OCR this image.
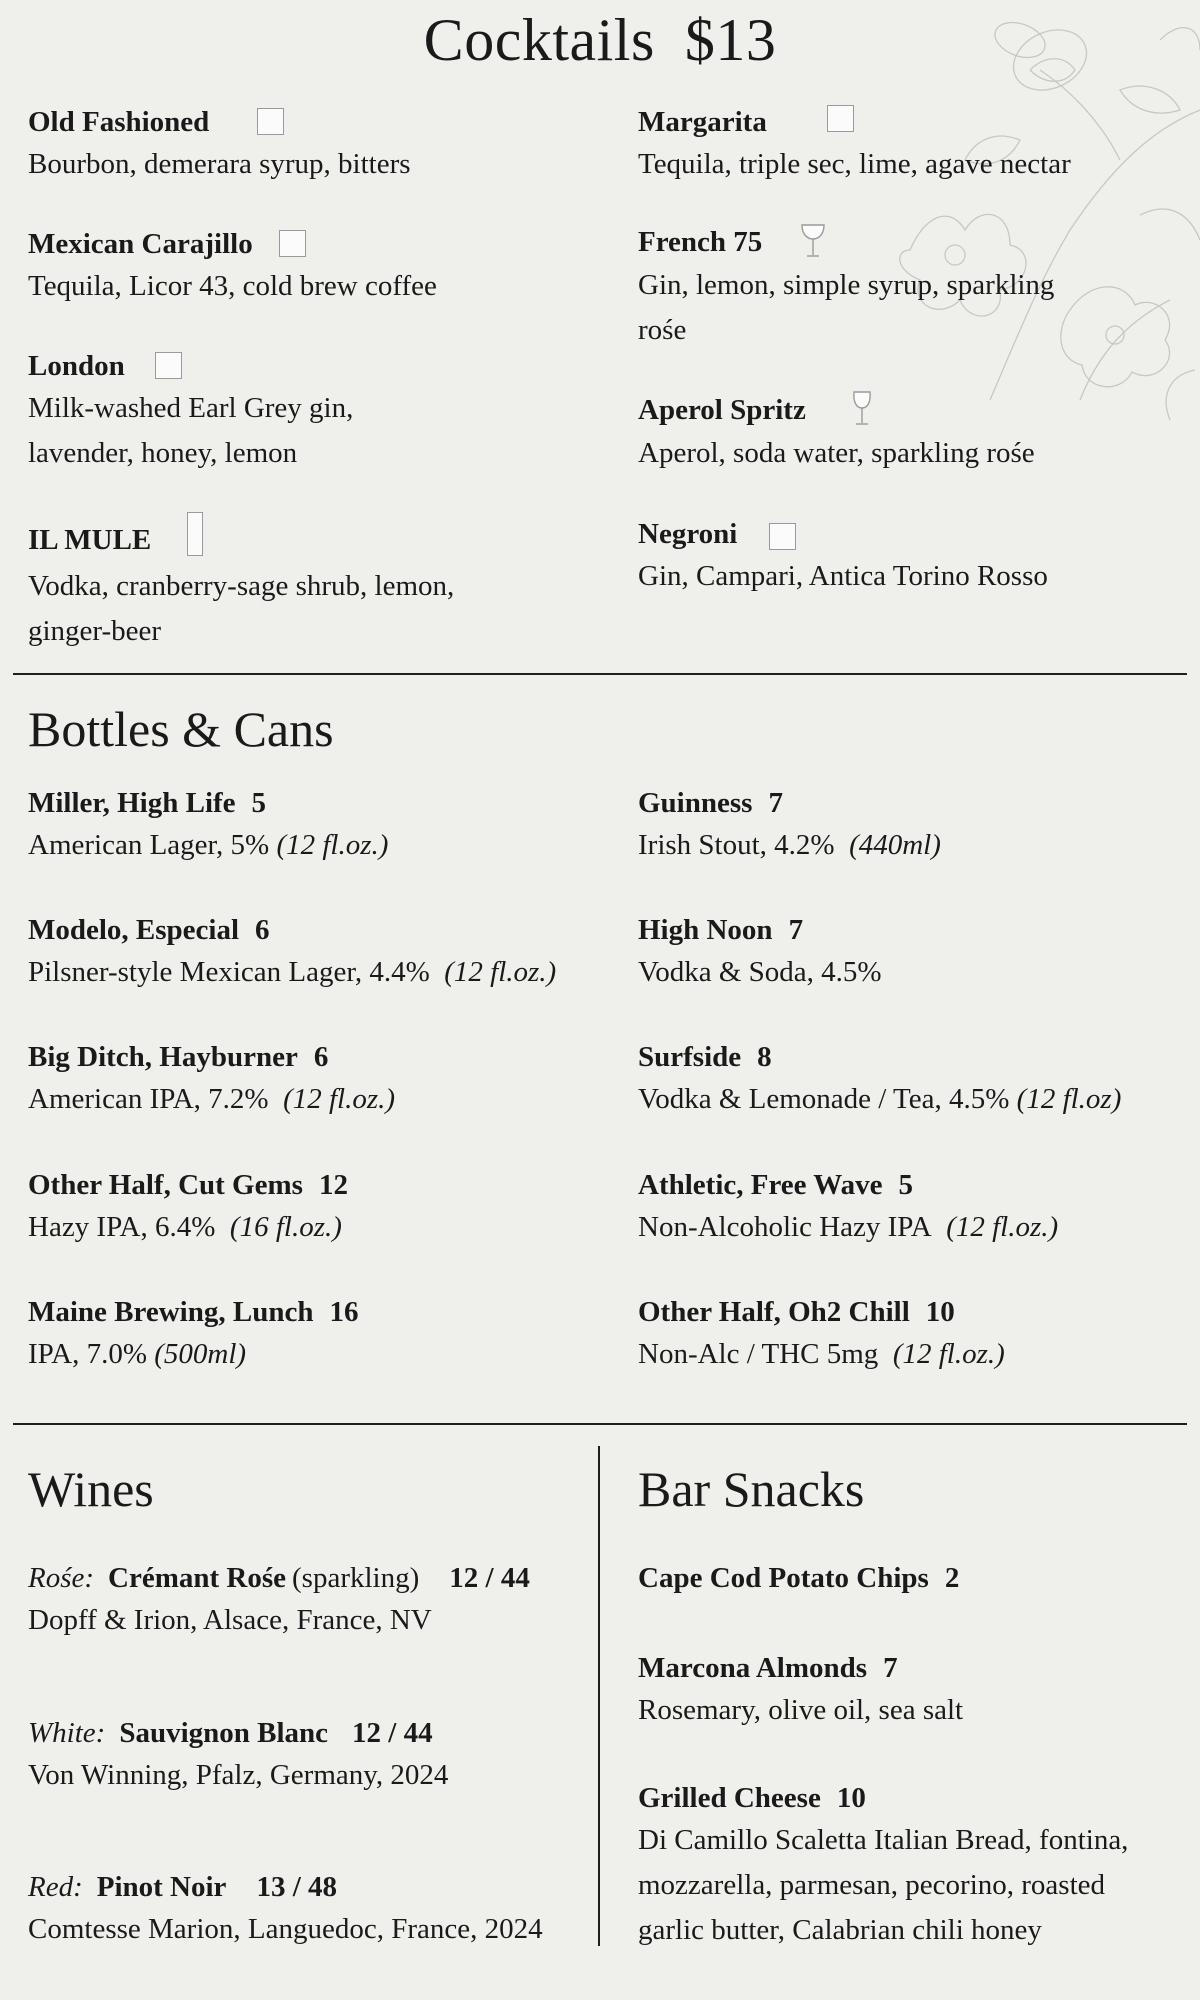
Cocktails $13
Old Fashioned
Bourbon, demerara syrup, bitters
Mexican Carajillo
Tequila, Licor 43, cold brew coffee
London
Milk-washed Earl Grey gin,
lavender, honey, lemon
IL MULE
Vodka, cranberry-sage shrub, lemon,
ginger-beer
Margarita
Tequila, triple sec, lime, agave nectar
French 75
Gin, lemon, simple syrup, sparkling
rośe
Aperol Spritz
Aperol, soda water, sparkling rośe
Negroni
Gin, Campari, Antica Torino Rosso
Bottles & Cans
Miller, High Life 5
American Lager, 5% (12 fl.oz.)
Modelo, Especial 6
Pilsner-style Mexican Lager, 4.4% (12 fl.oz.)
Big Ditch, Hayburner 6
American IPA, 7.2% (12 fl.oz.)
Other Half, Cut Gems 12
Hazy IPA, 6.4% (16 fl.oz.)
Maine Brewing, Lunch 16
IPA, 7.0% (500ml)
Guinness 7
Irish Stout, 4.2% (440ml)
High Noon 7
Vodka & Soda, 4.5%
Surfside 8
Vodka & Lemonade / Tea, 4.5% (12 fl.oz)
Athletic, Free Wave 5
Non-Alcoholic Hazy IPA (12 fl.oz.)
Other Half, Oh2 Chill 10
Non-Alc / THC 5mg (12 fl.oz.)
Wines
Rośe: Crémant Rośe (sparkling) 12 / 44
Dopff & Irion, Alsace, France, NV
White: Sauvignon Blanc 12 / 44
Von Winning, Pfalz, Germany, 2024
Red: Pinot Noir 13 / 48
Comtesse Marion, Languedoc, France, 2024
Bar Snacks
Cape Cod Potato Chips 2
Marcona Almonds 7
Rosemary, olive oil, sea salt
Grilled Cheese 10
Di Camillo Scaletta Italian Bread, fontina,
mozzarella, parmesan, pecorino, roasted
garlic butter, Calabrian chili honey
